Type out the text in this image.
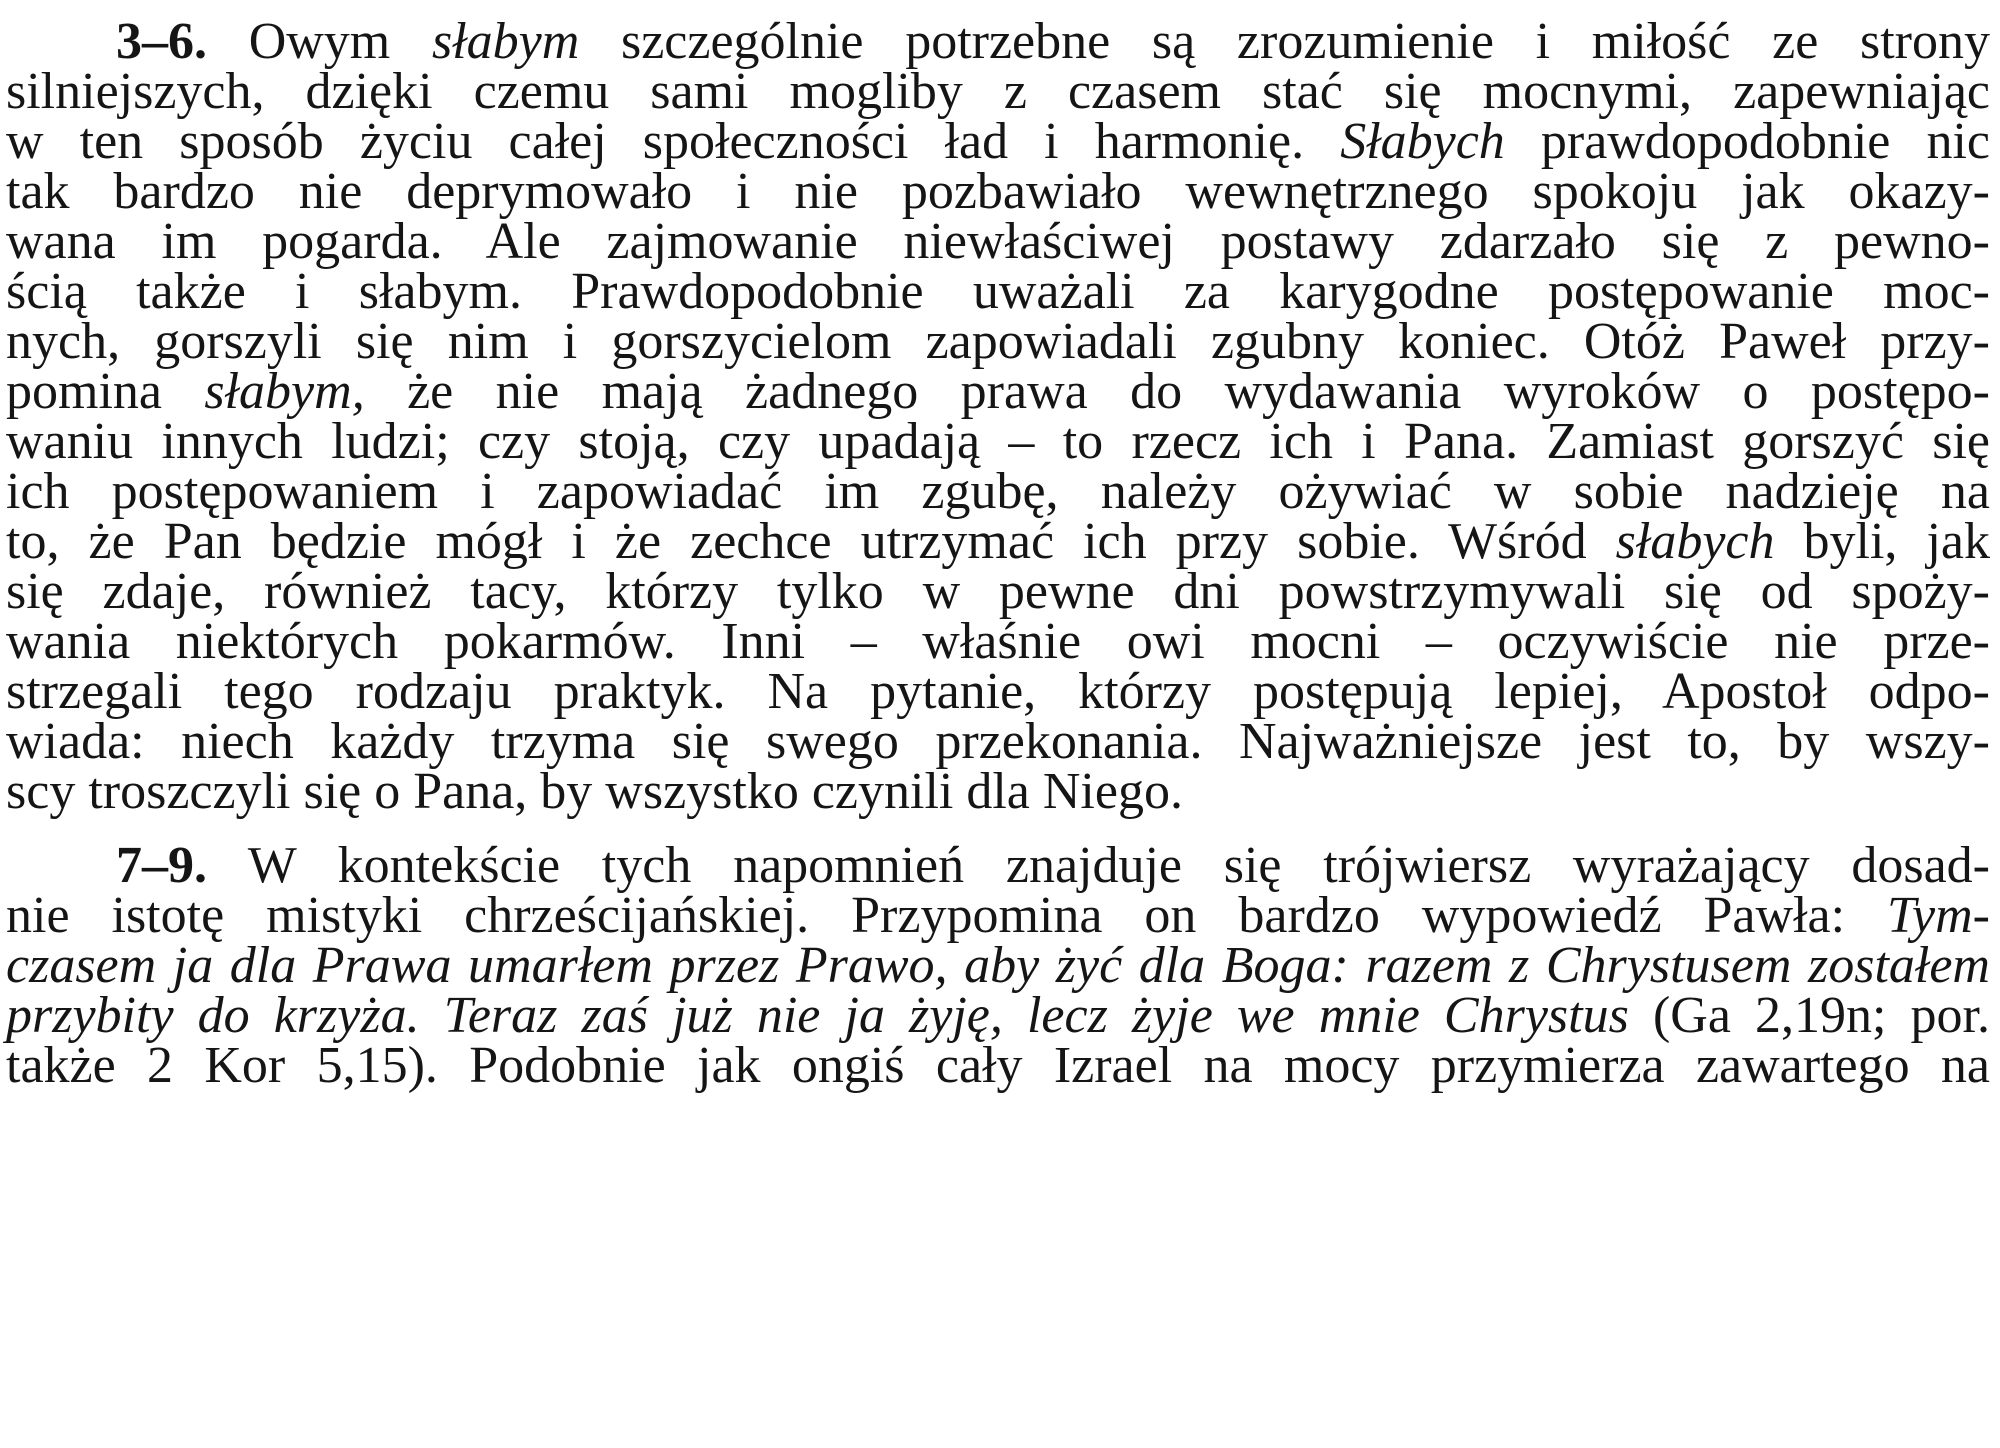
3–6. Owym słabym szczególnie potrzebne są zrozumienie i miłość ze strony
silniejszych, dzięki czemu sami mogliby z czasem stać się mocnymi, zapewniając
w ten sposób życiu całej społeczności ład i harmonię. Słabych prawdopodobnie nic
tak bardzo nie deprymowało i nie pozbawiało wewnętrznego spokoju jak okazy-
wana im pogarda. Ale zajmowanie niewłaściwej postawy zdarzało się z pewno-
ścią także i słabym. Prawdopodobnie uważali za karygodne postępowanie moc-
nych, gorszyli się nim i gorszycielom zapowiadali zgubny koniec. Otóż Paweł przy-
pomina słabym, że nie mają żadnego prawa do wydawania wyroków o postępo-
waniu innych ludzi; czy stoją, czy upadają – to rzecz ich i Pana. Zamiast gorszyć się
ich postępowaniem i zapowiadać im zgubę, należy ożywiać w sobie nadzieję na
to, że Pan będzie mógł i że zechce utrzymać ich przy sobie. Wśród słabych byli, jak
się zdaje, również tacy, którzy tylko w pewne dni powstrzymywali się od spoży-
wania niektórych pokarmów. Inni – właśnie owi mocni – oczywiście nie prze-
strzegali tego rodzaju praktyk. Na pytanie, którzy postępują lepiej, Apostoł odpo-
wiada: niech każdy trzyma się swego przekonania. Najważniejsze jest to, by wszy-
scy troszczyli się o Pana, by wszystko czynili dla Niego.
7–9. W kontekście tych napomnień znajduje się trójwiersz wyrażający dosad-
nie istotę mistyki chrześcijańskiej. Przypomina on bardzo wypowiedź Pawła: Tym-
czasem ja dla Prawa umarłem przez Prawo, aby żyć dla Boga: razem z Chrystusem zostałem
przybity do krzyża. Teraz zaś już nie ja żyję, lecz żyje we mnie Chrystus (Ga 2,19n; por.
także 2 Kor 5,15). Podobnie jak ongiś cały Izrael na mocy przymierza zawartego na
